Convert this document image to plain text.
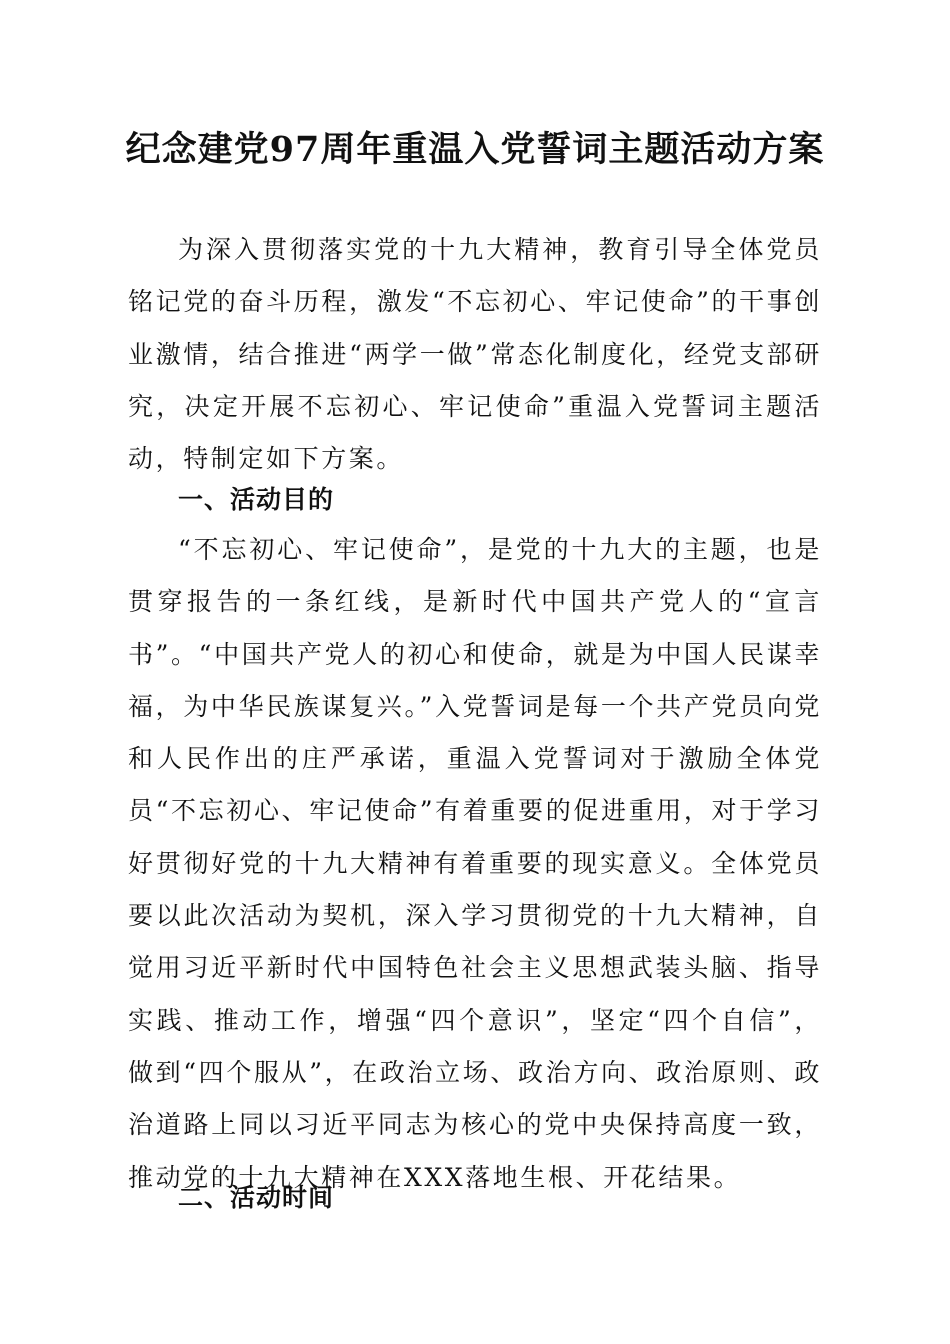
纪念建党97周年重温入党誓词主题活动方案

为深入贯彻落实党的十九大精神，教育引导全体党员铭记党的奋斗历程，激发“不忘初心、牢记使命”的干事创业激情，结合推进“两学一做”常态化制度化，经党支部研究，决定开展不忘初心、牢记使命”重温入党誓词主题活动，特制定如下方案。

一、活动目的

“不忘初心、牢记使命”，是党的十九大的主题，也是贯穿报告的一条红线，是新时代中国共产党人的“宣言书”。“中国共产党人的初心和使命，就是为中国人民谋幸福，为中华民族谋复兴。”入党誓词是每一个共产党员向党和人民作出的庄严承诺，重温入党誓词对于激励全体党员“不忘初心、牢记使命”有着重要的促进重用，对于学习好贯彻好党的十九大精神有着重要的现实意义。全体党员要以此次活动为契机，深入学习贯彻党的十九大精神，自觉用习近平新时代中国特色社会主义思想武装头脑、指导实践、推动工作，增强“四个意识”，坚定“四个自信”，做到“四个服从”，在政治立场、政治方向、政治原则、政治道路上同以习近平同志为核心的党中央保持高度一致，推动党的十九大精神在XXX落地生根、开花结果。

二、活动时间
